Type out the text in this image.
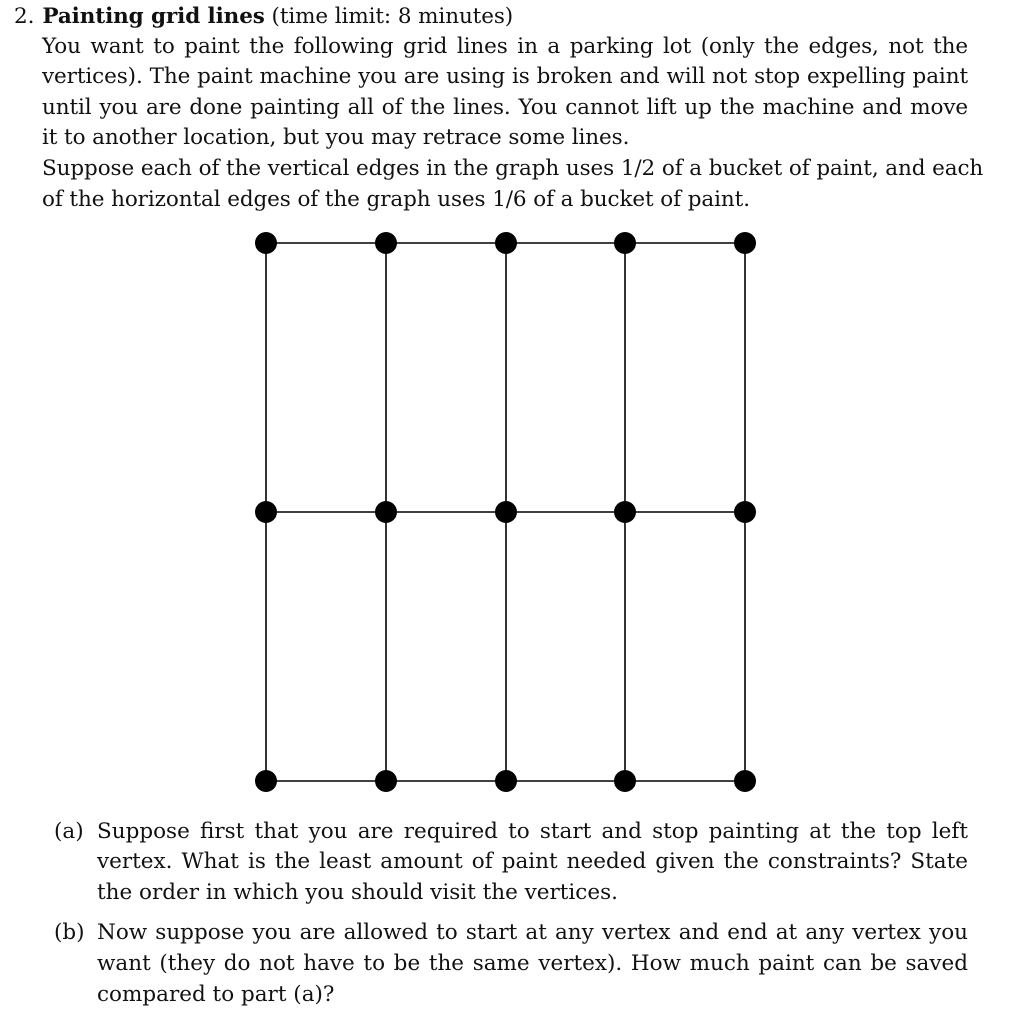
2. Painting grid lines (time limit: 8 minutes)
You want to paint the following grid lines in a parking lot (only the edges, not the
vertices). The paint machine you are using is broken and will not stop expelling paint
until you are done painting all of the lines. You cannot lift up the machine and move
it to another location, but you may retrace some lines.
Suppose each of the vertical edges in the graph uses 1/2 of a bucket of paint, and each
of the horizontal edges of the graph uses 1/6 of a bucket of paint.
(a) Suppose first that you are required to start and stop painting at the top left
vertex. What is the least amount of paint needed given the constraints? State
the order in which you should visit the vertices.
(b) Now suppose you are allowed to start at any vertex and end at any vertex you
want (they do not have to be the same vertex). How much paint can be saved
compared to part (a)?
